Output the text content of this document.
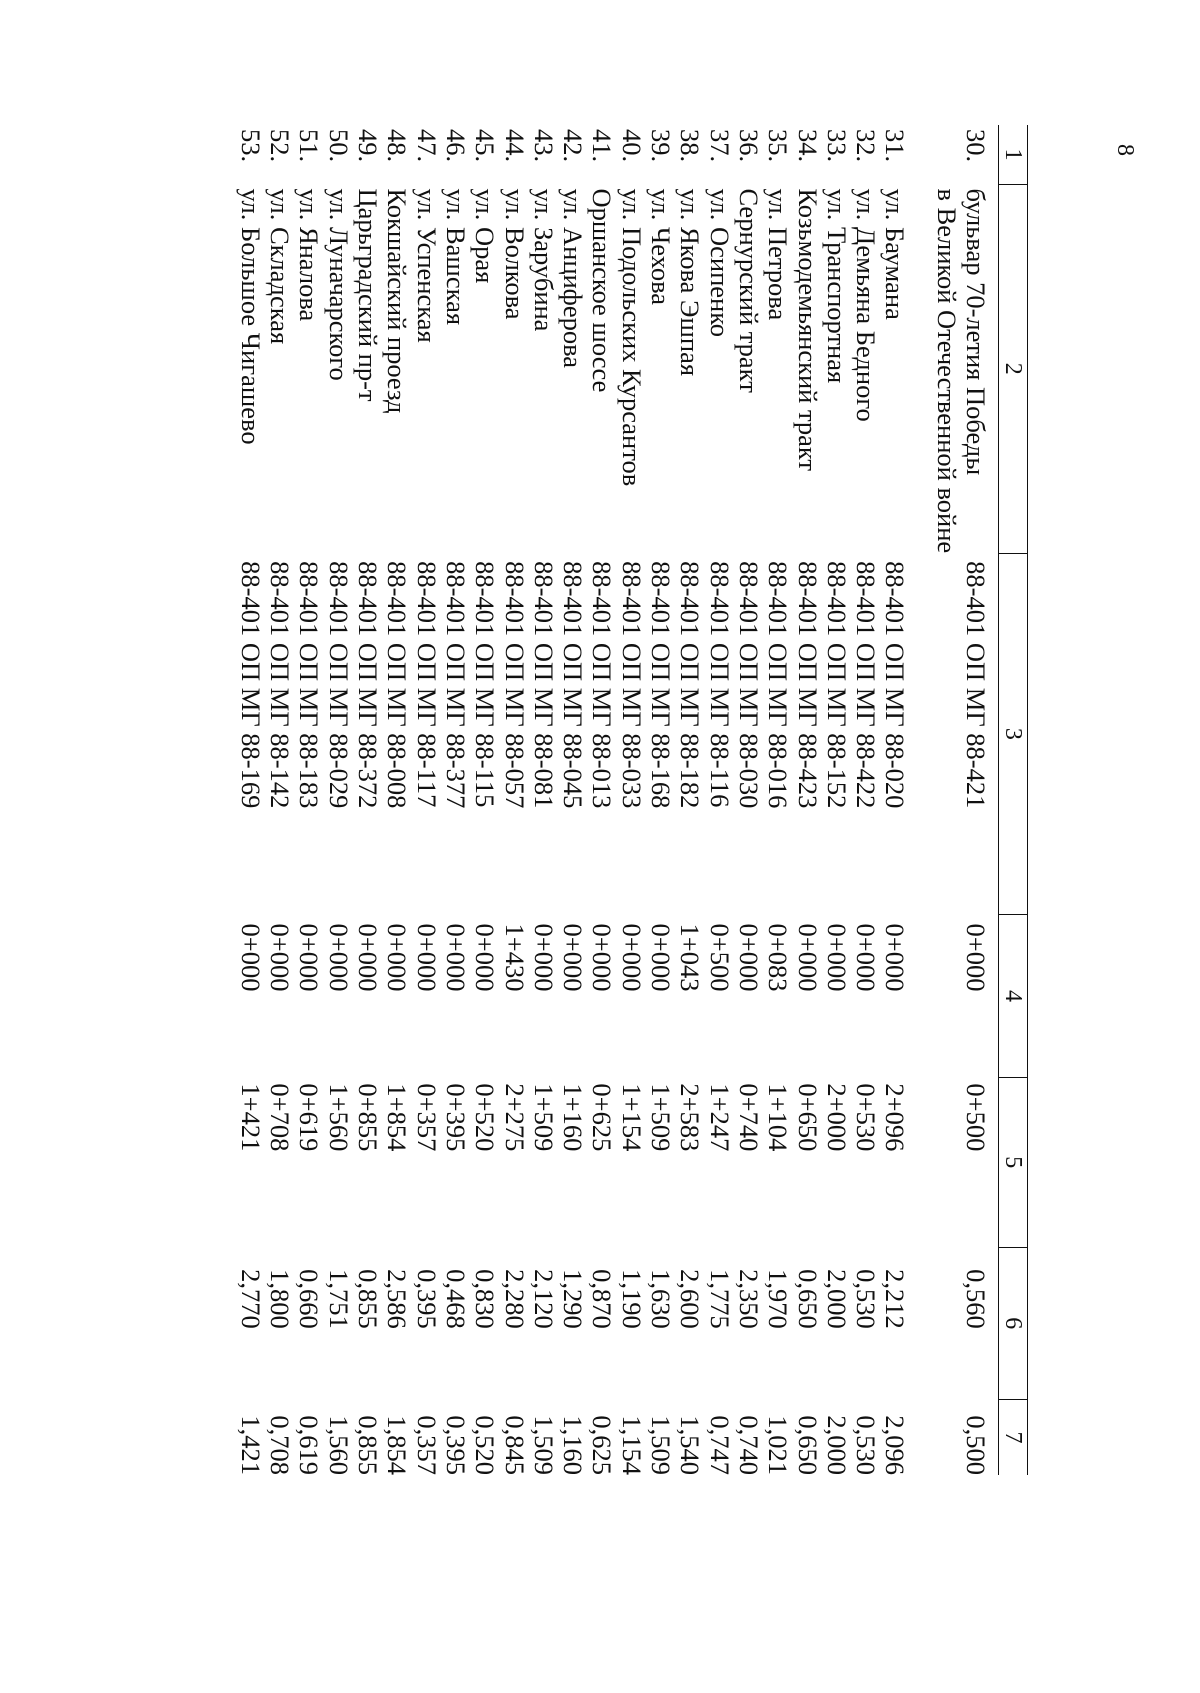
8
1	2	3	4	5	6	7
30.	бульвар 70-летия Победы
в Великой Отечественной войне	88-401 ОП МГ 88-421	0+000	0+500	0,560	0,500

31.	ул. Баумана	88-401 ОП МГ 88-020	0+000	2+096	2,212	2,096
32.	ул. Демьяна Бедного	88-401 ОП МГ 88-422	0+000	0+530	0,530	0,530
33.	ул. Транспортная	88-401 ОП МГ 88-152	0+000	2+000	2,000	2,000
34.	Козьмодемьянский тракт	88-401 ОП МГ 88-423	0+000	0+650	0,650	0,650
35.	ул. Петрова	88-401 ОП МГ 88-016	0+083	1+104	1,970	1,021
36.	Сернурский тракт	88-401 ОП МГ 88-030	0+000	0+740	2,350	0,740
37.	ул. Осипенко	88-401 ОП МГ 88-116	0+500	1+247	1,775	0,747
38.	ул. Якова Эшпая	88-401 ОП МГ 88-182	1+043	2+583	2,600	1,540
39.	ул. Чехова	88-401 ОП МГ 88-168	0+000	1+509	1,630	1,509
40.	ул. Подольских Курсантов	88-401 ОП МГ 88-033	0+000	1+154	1,190	1,154
41.	Оршанское шоссе	88-401 ОП МГ 88-013	0+000	0+625	0,870	0,625
42.	ул. Анциферова	88-401 ОП МГ 88-045	0+000	1+160	1,290	1,160
43.	ул. Зарубина	88-401 ОП МГ 88-081	0+000	1+509	2,120	1,509
44.	ул. Волкова	88-401 ОП МГ 88-057	1+430	2+275	2,280	0,845
45.	ул. Орая	88-401 ОП МГ 88-115	0+000	0+520	0,830	0,520
46.	ул. Вашская	88-401 ОП МГ 88-377	0+000	0+395	0,468	0,395
47.	ул. Успенская	88-401 ОП МГ 88-117	0+000	0+357	0,395	0,357
48.	Кокшайский проезд	88-401 ОП МГ 88-008	0+000	1+854	2,586	1,854
49.	Царьградский пр-т	88-401 ОП МГ 88-372	0+000	0+855	0,855	0,855
50.	ул. Луначарского	88-401 ОП МГ 88-029	0+000	1+560	1,751	1,560
51.	ул. Яналова	88-401 ОП МГ 88-183	0+000	0+619	0,660	0,619
52.	ул. Складская	88-401 ОП МГ 88-142	0+000	0+708	1,800	0,708
53.	ул. Большое Чигашево	88-401 ОП МГ 88-169	0+000	1+421	2,770	1,421
